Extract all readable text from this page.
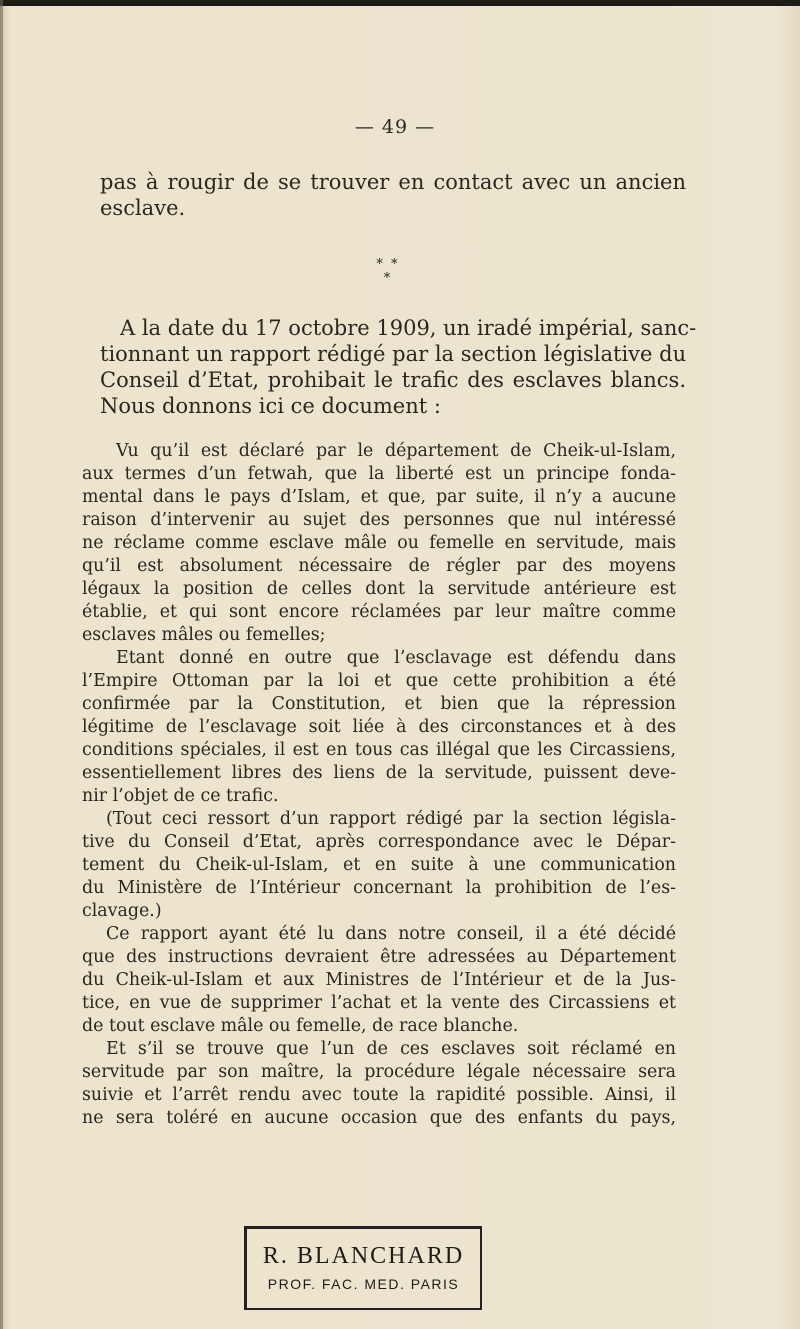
— 49 —
pas à rougir de se trouver en contact avec un ancien
esclave.
* * *
A la date du 17 octobre 1909, un iradé impérial, sanc-
tionnant un rapport rédigé par la section législative du
Conseil d’Etat, prohibait le trafic des esclaves blancs.
Nous donnons ici ce document :
Vu qu’il est déclaré par le département de Cheik-ul-Islam,
aux termes d’un fetwah, que la liberté est un principe fonda-
mental dans le pays d’Islam, et que, par suite, il n’y a aucune
raison d’intervenir au sujet des personnes que nul intéressé
ne réclame comme esclave mâle ou femelle en servitude, mais
qu’il est absolument nécessaire de régler par des moyens
légaux la position de celles dont la servitude antérieure est
établie, et qui sont encore réclamées par leur maître comme
esclaves mâles ou femelles;
Etant donné en outre que l’esclavage est défendu dans
l’Empire Ottoman par la loi et que cette prohibition a été
confirmée par la Constitution, et bien que la répression
légitime de l’esclavage soit liée à des circonstances et à des
conditions spéciales, il est en tous cas illégal que les Circassiens,
essentiellement libres des liens de la servitude, puissent deve-
nir l’objet de ce trafic.
(Tout ceci ressort d’un rapport rédigé par la section législa-
tive du Conseil d’Etat, après correspondance avec le Dépar-
tement du Cheik-ul-Islam, et en suite à une communication
du Ministère de l’Intérieur concernant la prohibition de l’es-
clavage.)
Ce rapport ayant été lu dans notre conseil, il a été décidé
que des instructions devraient être adressées au Département
du Cheik-ul-Islam et aux Ministres de l’Intérieur et de la Jus-
tice, en vue de supprimer l’achat et la vente des Circassiens et
de tout esclave mâle ou femelle, de race blanche.
Et s’il se trouve que l’un de ces esclaves soit réclamé en
servitude par son maître, la procédure légale nécessaire sera
suivie et l’arrêt rendu avec toute la rapidité possible. Ainsi, il
ne sera toléré en aucune occasion que des enfants du pays,
R. BLANCHARD
PROF. FAC. MED. PARIS
